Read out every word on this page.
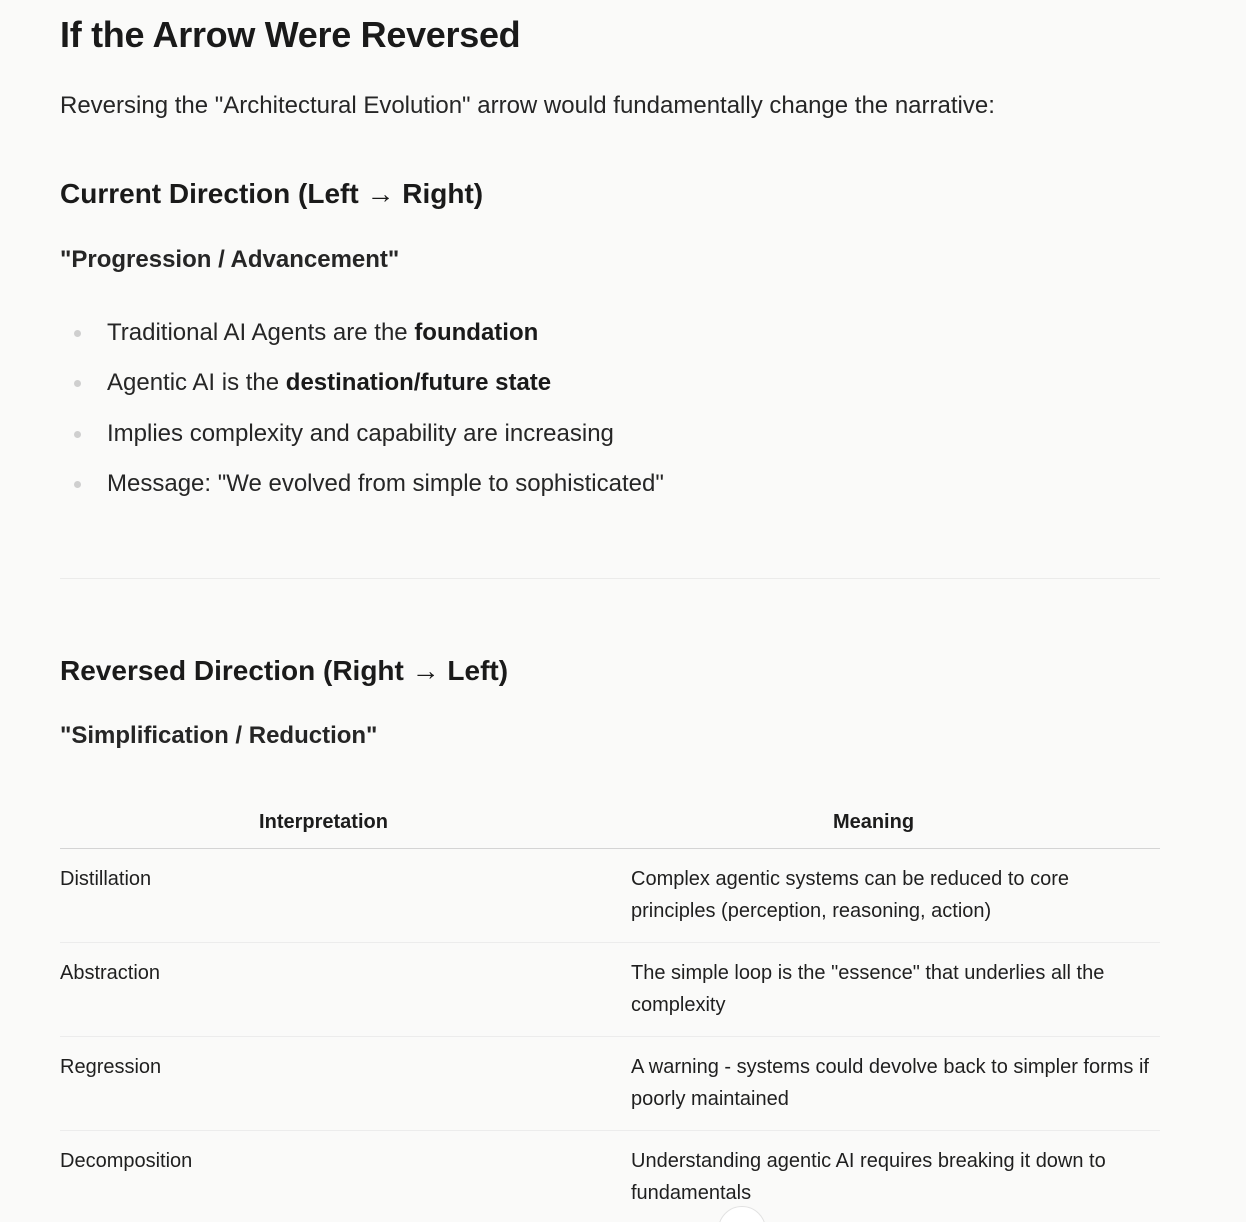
If the Arrow Were Reversed

Reversing the "Architectural Evolution" arrow would fundamentally change the narrative:

Current Direction (Left → Right)

"Progression / Advancement"

Traditional AI Agents are the foundation
Agentic AI is the destination/future state
Implies complexity and capability are increasing
Message: "We evolved from simple to sophisticated"
Reversed Direction (Right → Left)

"Simplification / Reduction"

Interpretation	Meaning
Distillation	Complex agentic systems can be reduced to core principles (perception, reasoning, action)
Abstraction	The simple loop is the "essence" that underlies all the complexity
Regression	A warning - systems could devolve back to simpler forms if poorly maintained
Decomposition	Understanding agentic AI requires breaking it down to fundamentals
